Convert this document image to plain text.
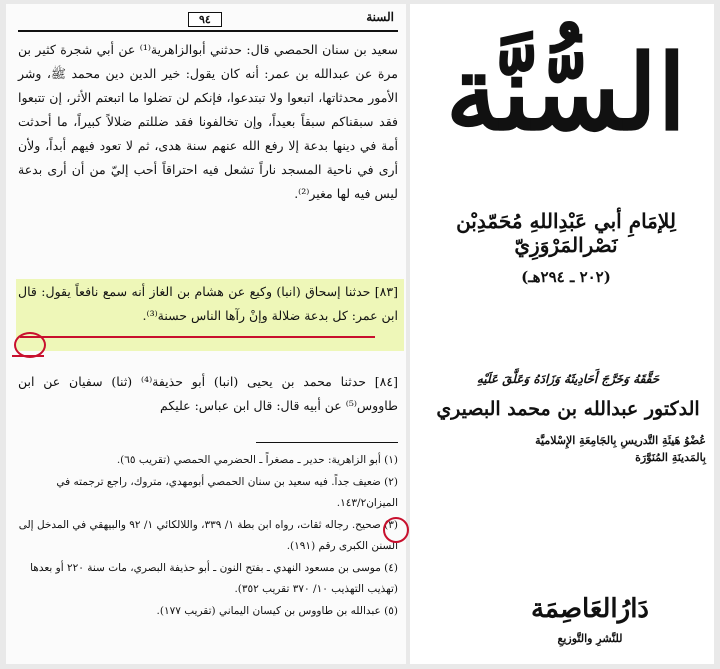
السنة
٩٤

سعيد بن سنان الحمصي قال: حدثني أبوالزاهرية⁽¹⁾ عن أبي شجرة كثير بن مرة عن عبدالله بن عمر: أنه كان يقول: خير الدين دين محمد ﷺ، وشر الأمور محدثاتها، اتبعوا ولا تبتدعوا، فإنكم لن تضلوا ما اتبعتم الأثر، إن تتبعوا فقد سبقناكم سبقاً بعيداً، وإن تخالفونا فقد ضللتم ضلالاً كبيراً، ما أحدثت أمة في دينها بدعة إلا رفع الله عنهم سنة هدى، ثم لا تعود فيهم أبداً، ولأن أرى في ناحية المسجد ناراً تشعل فيه احتراقاً أحب إليّ من أن أرى بدعة ليس فيه لها مغير⁽²⁾.

[٨٣] حدثنا إسحاق (انبا) وكيع عن هشام بن الغاز أنه سمع نافعاً يقول: قال ابن عمر: كل بدعة ضلالة وإنْ رآها الناس حسنة⁽³⁾.

[٨٤] حدثنا محمد بن يحيى (انبا) أبو حذيفة⁽⁴⁾ (ثنا) سفيان عن ابن طاووس⁽⁵⁾ عن أبيه قال: قال ابن عباس: عليكم

(١) أبو الزاهرية: حدير ـ مصغراً ـ الحضرمي الحمصي (تقريب ٦٥).
(٢) ضعيف جداً. فيه سعيد بن سنان الحمصي أبومهدي، متروك، راجع ترجمته في الميزان١٤٣/٢.
(٣) صحيح. رجاله ثقات، رواه ابن بطة ١/ ٣٣٩، واللالكائي ١/ ٩٢ والبيهقي في المدخل إلى السنن الكبرى رقم (١٩١).
(٤) موسى بن مسعود النهدي ـ بفتح النون ـ أبو حذيفة البصري، مات سنة ٢٢٠ أو بعدها (تهذيب التهذيب ١٠/ ٣٧٠ تقريب ٣٥٢).
(٥) عبدالله بن طاووس بن كيسان اليماني (تقريب ١٧٧).
السُّنَّة
لِلإمَامِ أبي عَبْدِاللهِ مُحَمّدِبْن نَصْرالمَرْوَزِيّ
(٢٠٢ ـ ٢٩٤هـ)
حَقَّقَهُ وَخَرَّجَ أَحَادِيثَهُ وَزَادَهُ وَعَلَّقَ عَلَيْهِ
الدكتور عبدالله بن محمد البصيري
عُضْوُ هَيئَةِ التَّدريسِ بِالجَامِعَةِ الإِسْلاميَّة
بِالمَدينَةِ المُنَوَّرَة
دَارُالعَاصِمَة
للنَّشرِ والتَّوزيعِ
